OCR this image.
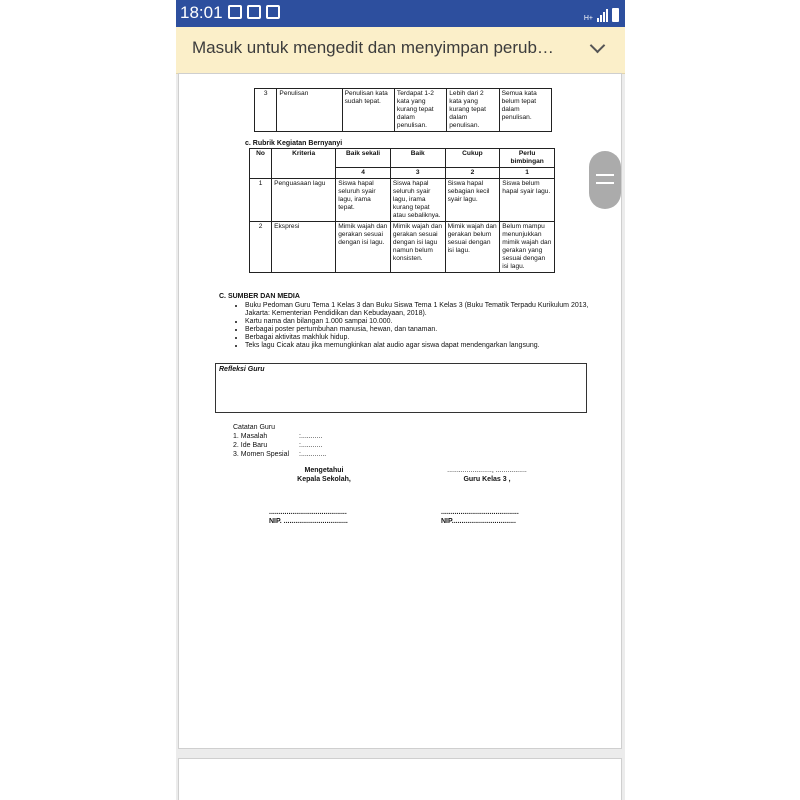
18:01	H+
Masuk untuk mengedit dan menyimpan perub…
3	Penulisan	Penulisan kata sudah tepat.	Terdapat 1-2 kata yang kurang tepat dalam penulisan.	Lebih dari 2 kata yang kurang tepat dalam penulisan.	Semua kata belum tepat dalam penulisan.
c. Rubrik Kegiatan Bernyanyi
No	Kriteria	Baik sekali	Baik	Cukup	Perlu bimbingan
		4	3	2	1
1	Penguasaan lagu	Siswa hapal seluruh syair lagu, irama tepat.	Siswa hapal seluruh syair lagu, irama kurang tepat atau sebaliknya.	Siswa hapal sebagian kecil syair lagu.	Siswa belum hapal syair lagu.
2	Ekspresi	Mimik wajah dan gerakan sesuai dengan isi lagu.	Mimik wajah dan gerakan sesuai dengan isi lagu namun belum konsisten.	Mimik wajah dan gerakan belum sesuai dengan isi lagu.	Belum mampu menunjukkan mimik wajah dan gerakan yang sesuai dengan isi lagu.
C. SUMBER DAN MEDIA
• Buku Pedoman Guru Tema 1 Kelas 3 dan Buku Siswa Tema 1 Kelas 3 (Buku Tematik Terpadu Kurikulum 2013, Jakarta: Kementerian Pendidikan dan Kebudayaan, 2018).
• Kartu nama dan bilangan 1.000 sampai 10.000.
• Berbagai poster pertumbuhan manusia, hewan, dan tanaman.
• Berbagai aktivitas makhluk hidup.
• Teks lagu Cicak atau jika memungkinkan alat audio agar siswa dapat mendengarkan langsung.
Refleksi Guru
Catatan Guru
1. Masalah	:...........
2. Ide Baru	:...........
3. Momen Spesial	:.............
Mengetahui
Kepala Sekolah,
......................., ................
Guru Kelas 3 ,
........................................
NIP. .................................
........................................
NIP.................................
